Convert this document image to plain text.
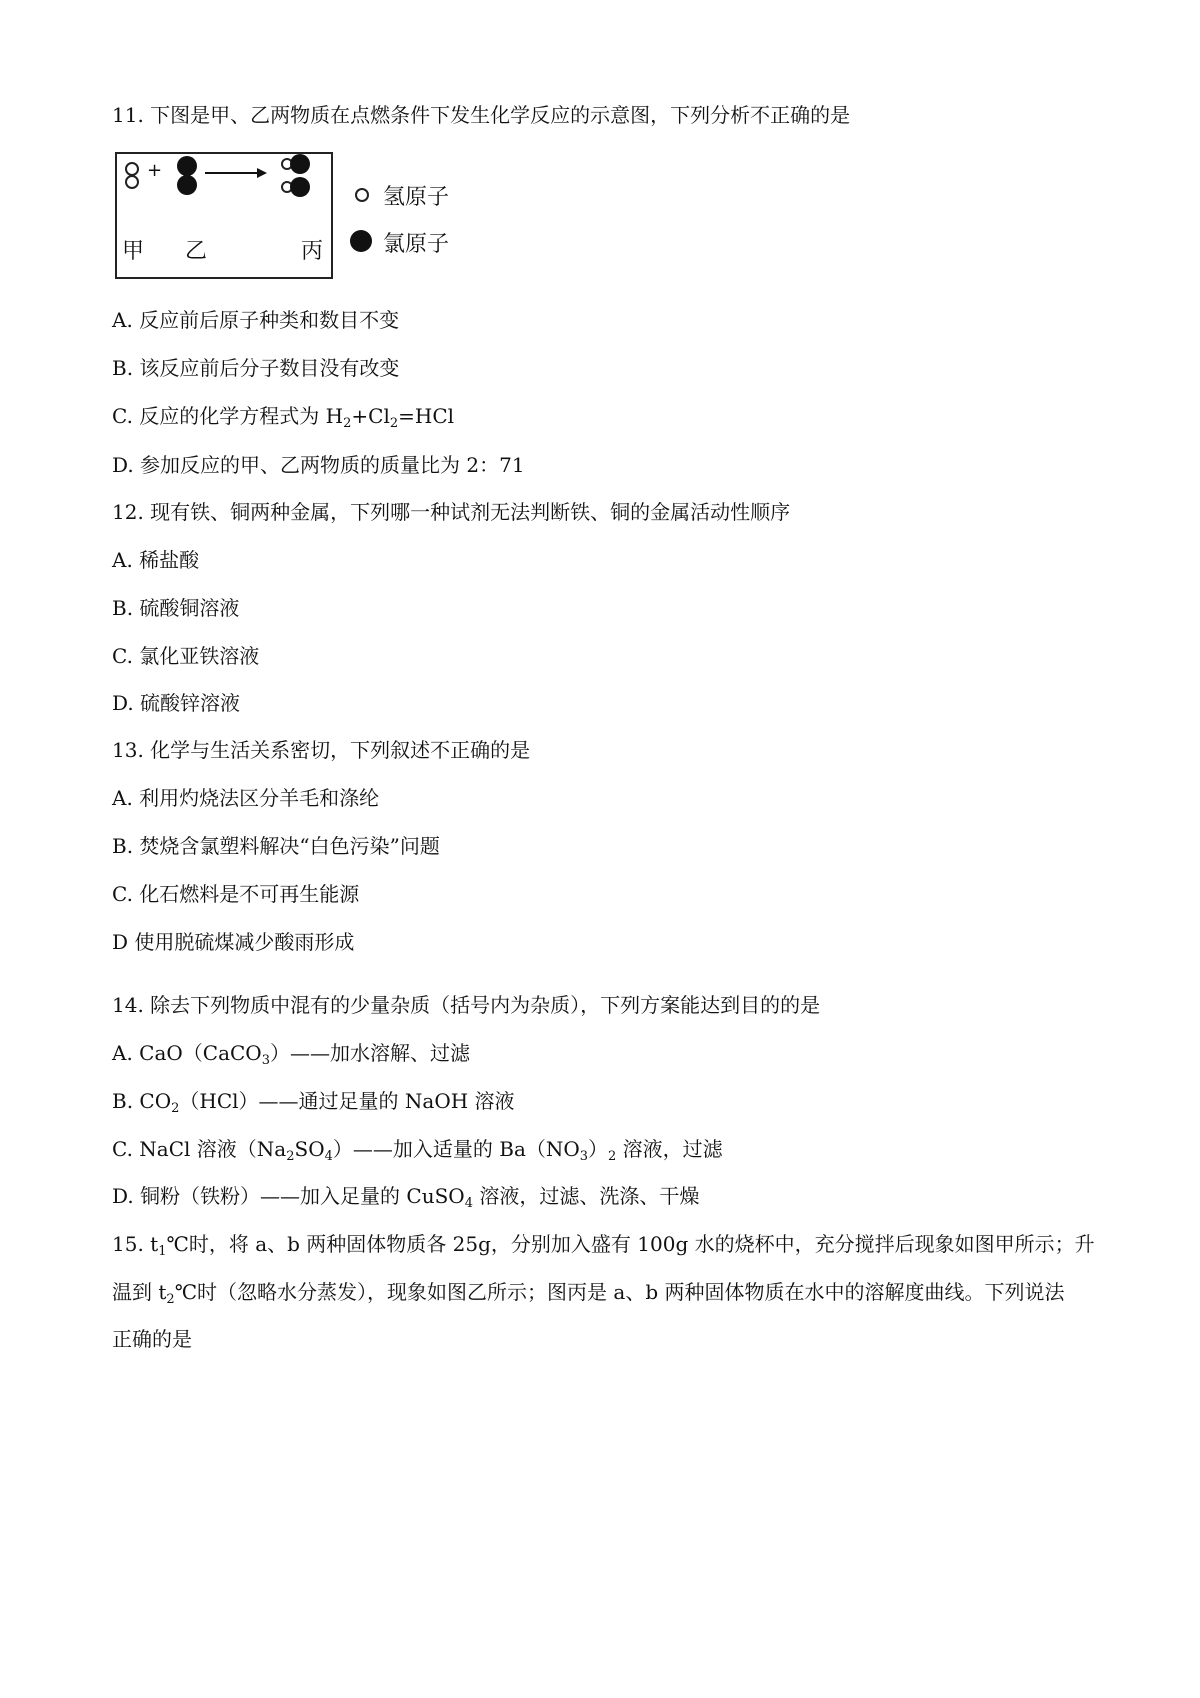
11. 下图是甲、乙两物质在点燃条件下发生化学反应的示意图，下列分析不正确的是
+
甲 乙	丙
氢原子
氯原子
A. 反应前后原子种类和数目不变
B. 该反应前后分子数目没有改变
C. 反应的化学方程式为 $H_2+Cl_2=HCl$
D. 参加反应的甲、乙两物质的质量比为 2：71
12. 现有铁、铜两种金属，下列哪一种试剂无法判断铁、铜的金属活动性顺序
A. 稀盐酸
B. 硫酸铜溶液
C. 氯化亚铁溶液
D. 硫酸锌溶液
13. 化学与生活关系密切，下列叙述不正确的是
A. 利用灼烧法区分羊毛和涤纶
B. 焚烧含氯塑料解决“白色污染”问题
C. 化石燃料是不可再生能源
D 使用脱硫煤减少酸雨形成
14. 除去下列物质中混有的少量杂质（括号内为杂质），下列方案能达到目的的是
A. CaO（CaCO$_3$）——加水溶解、过滤
B. $CO_2(HCl)——$通过足量的 NaOH 溶液
C. NaCl 溶液$(Na_2SO_4)——$加入适量的 $Ba(NO_3)_2$ 溶液，过滤
D. 铜粉（铁粉）——加入足量的 CuSO$_4$ 溶液，过滤、洗涤、干燥
15. $t_1℃$时，将 a、b 两种固体物质各 25g，分别加入盛有 100g 水的烧杯中，充分搅拌后现象如图甲所示；升
温到 $t_2℃$时（忽略水分蒸发），现象如图乙所示；图丙是 a、b 两种固体物质在水中的溶解度曲线。下列说法
正确的是
